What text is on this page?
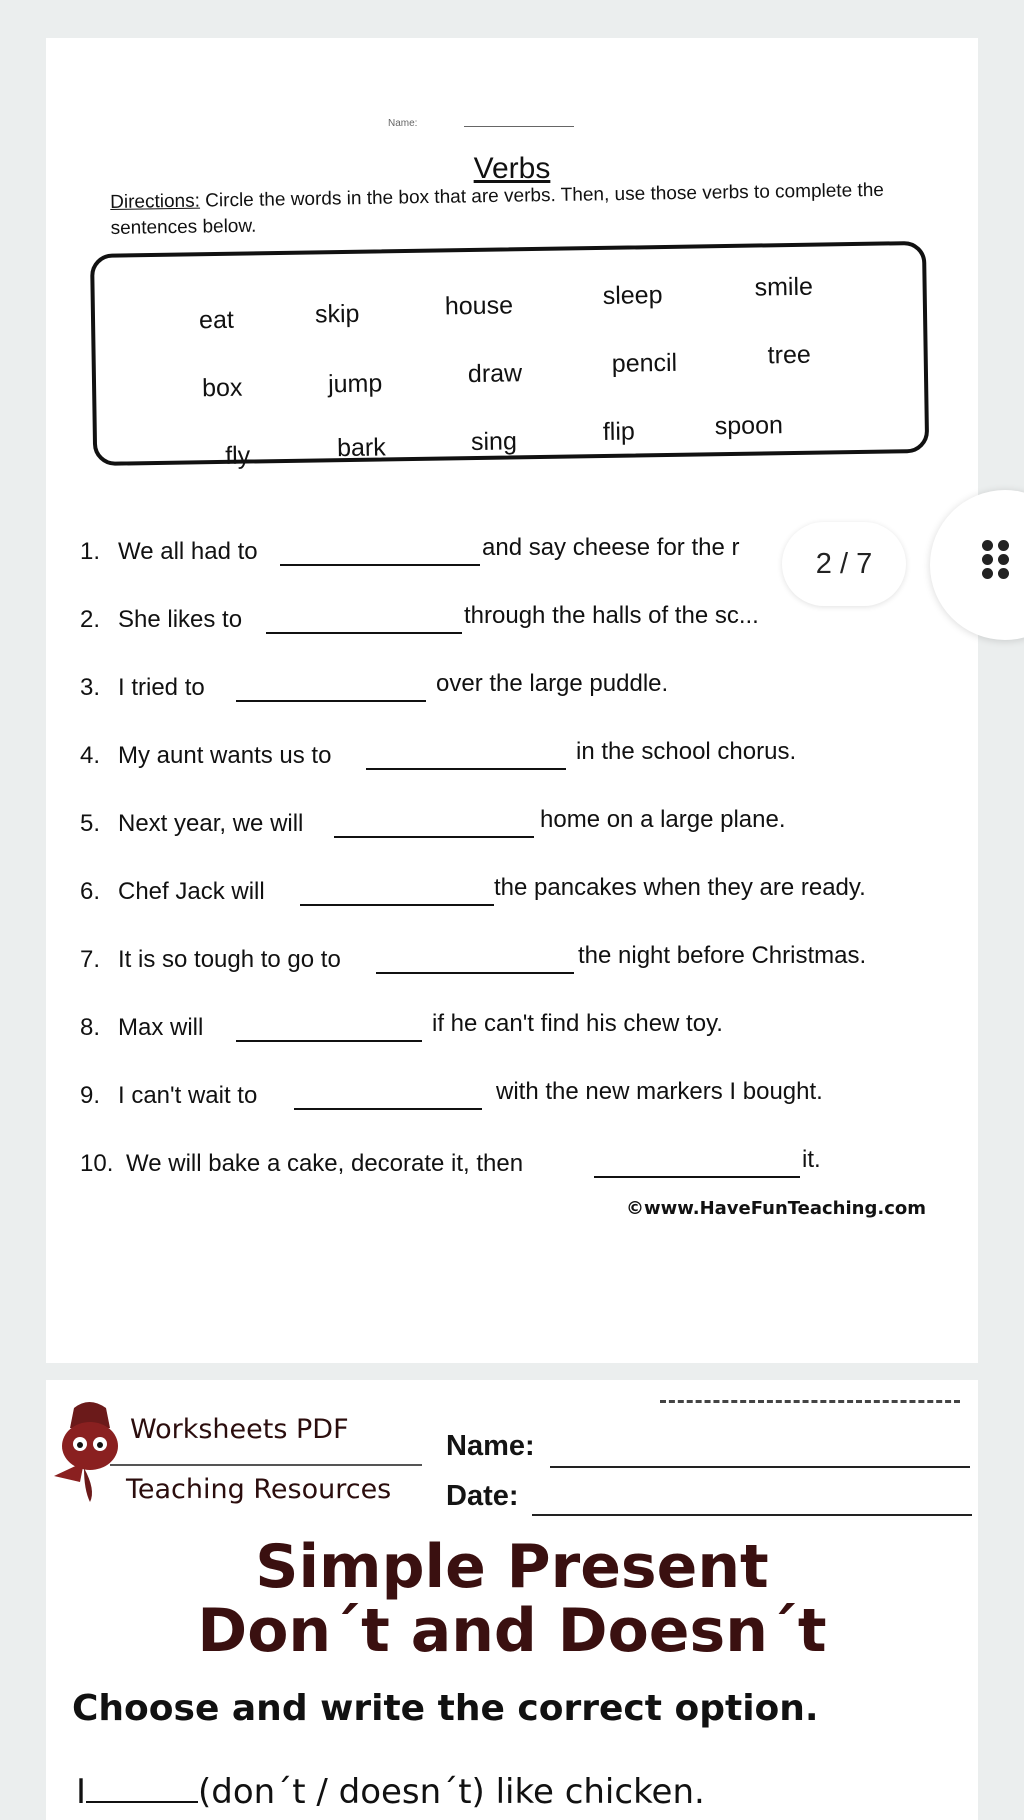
Name:
Verbs
Directions: Circle the words in the box that are verbs. Then, use those verbs to complete the sentences below.
eat	skip	house	sleep	smile
box	jump	draw	pencil	tree
fly	bark	sing	flip	spoon
1. We all had to	and say cheese for the r
2. She likes to	through the halls of the sc...
3. I tried to	over the large puddle.
4. My aunt wants us to	in the school chorus.
5. Next year, we will	home on a large plane.
6. Chef Jack will	the pancakes when they are ready.
7. It is so tough to go to	the night before Christmas.
8. Max will	if he can't find his chew toy.
9. I can't wait to	with the new markers I bought.
10. We will bake a cake, decorate it, then	it.
©www.HaveFunTeaching.com
2 / 7
Worksheets PDF
Teaching Resources
Name:
Date:
Simple Present
Don´t and Doesn´t
Choose and write the correct option.
I	(don´t / doesn´t) like chicken.
